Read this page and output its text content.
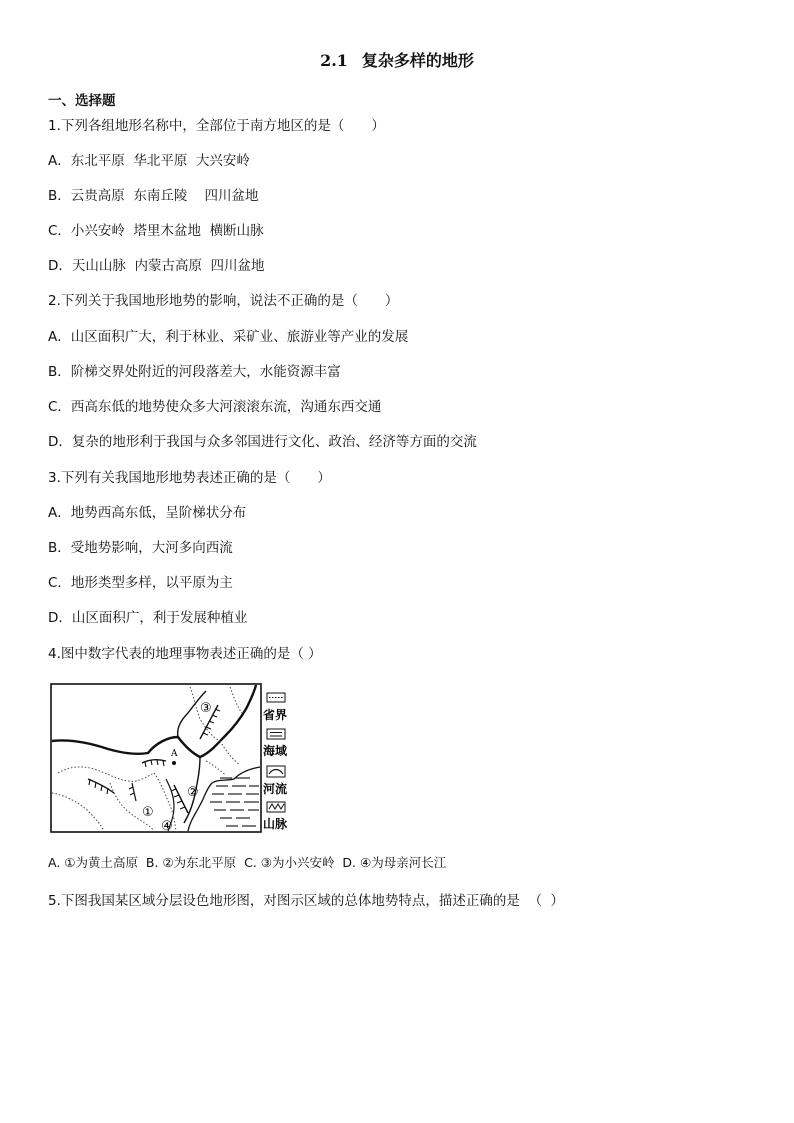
2.1 复杂多样的地形
一、选择题
1.下列各组地形名称中，全部位于南方地区的是（　　）
A．东北平原  华北平原  大兴安岭
B．云贵高原  东南丘陵    四川盆地
C．小兴安岭  塔里木盆地  横断山脉
D．天山山脉  内蒙古高原  四川盆地
2.下列关于我国地形地势的影响，说法不正确的是（　　）
A．山区面积广大，利于林业、采矿业、旅游业等产业的发展
B．阶梯交界处附近的河段落差大，水能资源丰富
C．西高东低的地势使众多大河滚滚东流，沟通东西交通
D．复杂的地形利于我国与众多邻国进行文化、政治、经济等方面的交流
3.下列有关我国地形地势表述正确的是（　　）
A．地势西高东低，呈阶梯状分布
B．受地势影响，大河多向西流
C．地形类型多样，以平原为主
D．山区面积广，利于发展种植业
4.图中数字代表的地理事物表述正确的是（ ）
A
①
②
③
④
省界
海域
河流
山脉
A. ①为黄土高原  B. ②为东北平原  C. ③为小兴安岭  D. ④为母亲河长江
5.下图我国某区域分层设色地形图，对图示区域的总体地势特点，描述正确的是  （  ）
